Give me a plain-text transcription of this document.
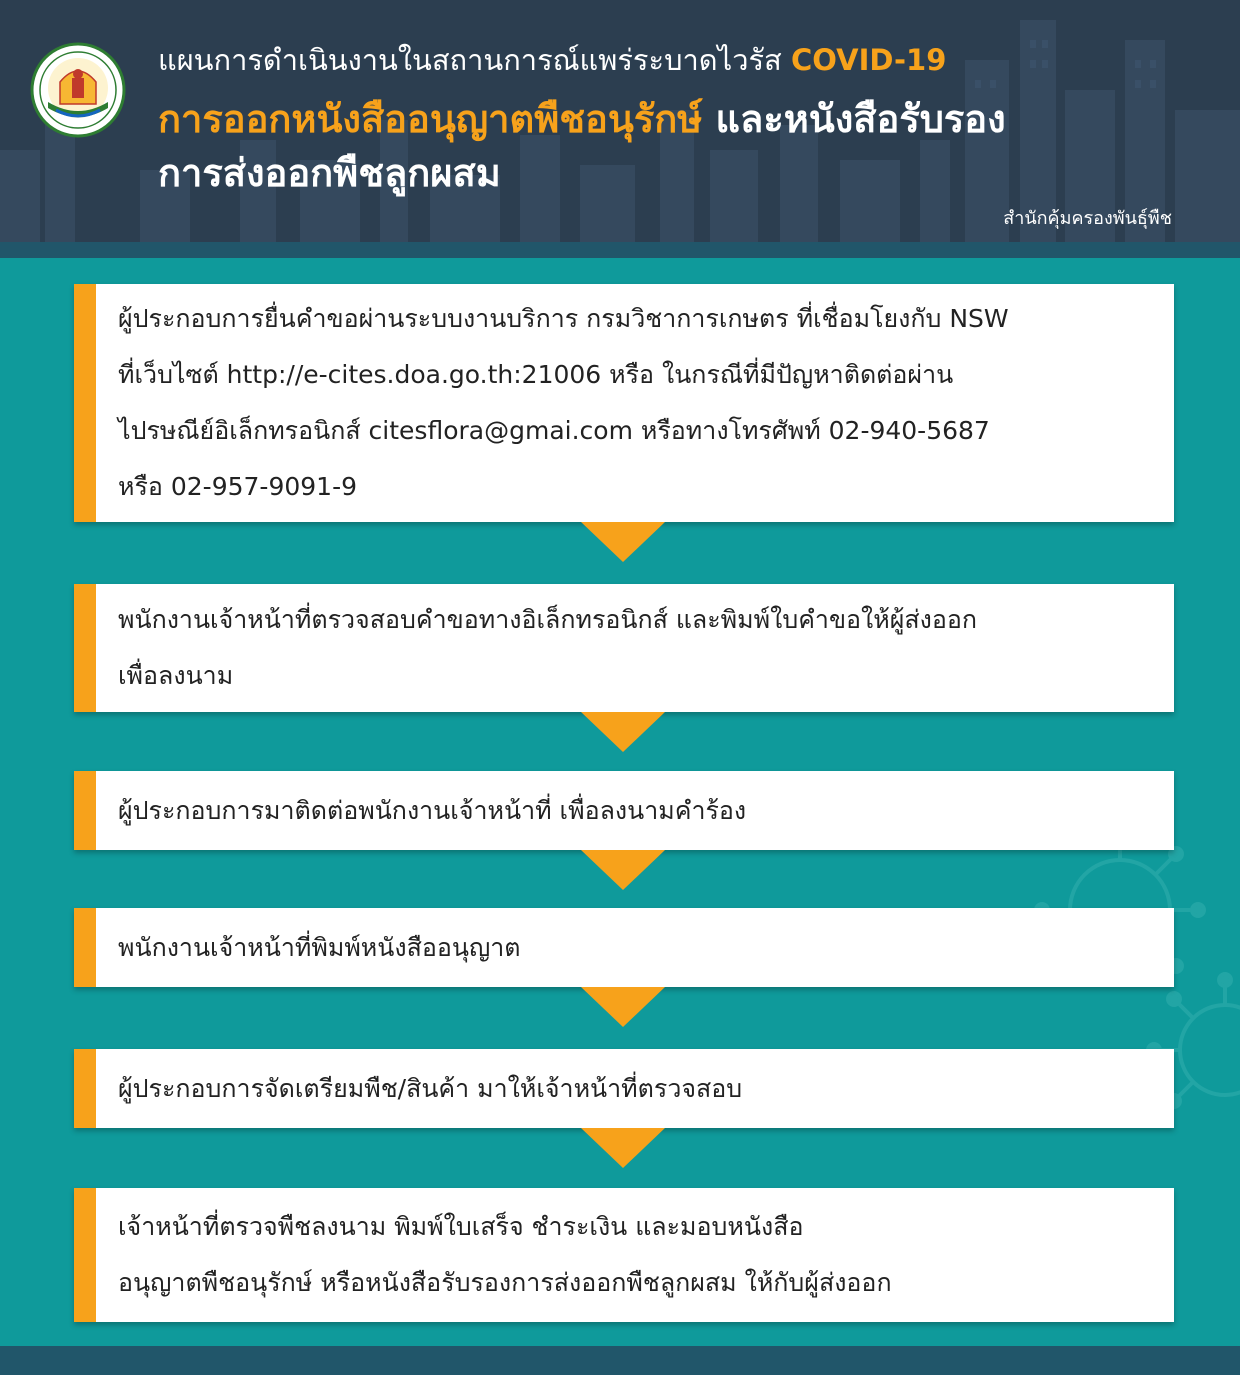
แผนการดำเนินงานในสถานการณ์แพร่ระบาดไวรัส COVID-19
การออกหนังสืออนุญาตพืชอนุรักษ์ และหนังสือรับรอง
การส่งออกพืชลูกผสม
สำนักคุ้มครองพันธุ์พืช
ผู้ประกอบการยื่นคำขอผ่านระบบงานบริการ กรมวิชาการเกษตร ที่เชื่อมโยงกับ NSW
ที่เว็บไซต์ http://e-cites.doa.go.th:21006 หรือ ในกรณีที่มีปัญหาติดต่อผ่าน
ไปรษณีย์อิเล็กทรอนิกส์ citesflora@gmai.com หรือทางโทรศัพท์ 02-940-5687
หรือ 02-957-9091-9
พนักงานเจ้าหน้าที่ตรวจสอบคำขอทางอิเล็กทรอนิกส์ และพิมพ์ใบคำขอให้ผู้ส่งออก
เพื่อลงนาม
ผู้ประกอบการมาติดต่อพนักงานเจ้าหน้าที่ เพื่อลงนามคำร้อง
พนักงานเจ้าหน้าที่พิมพ์หนังสืออนุญาต
ผู้ประกอบการจัดเตรียมพืช/สินค้า มาให้เจ้าหน้าที่ตรวจสอบ
เจ้าหน้าที่ตรวจพืชลงนาม พิมพ์ใบเสร็จ ชำระเงิน และมอบหนังสือ
อนุญาตพืชอนุรักษ์ หรือหนังสือรับรองการส่งออกพืชลูกผสม ให้กับผู้ส่งออก
